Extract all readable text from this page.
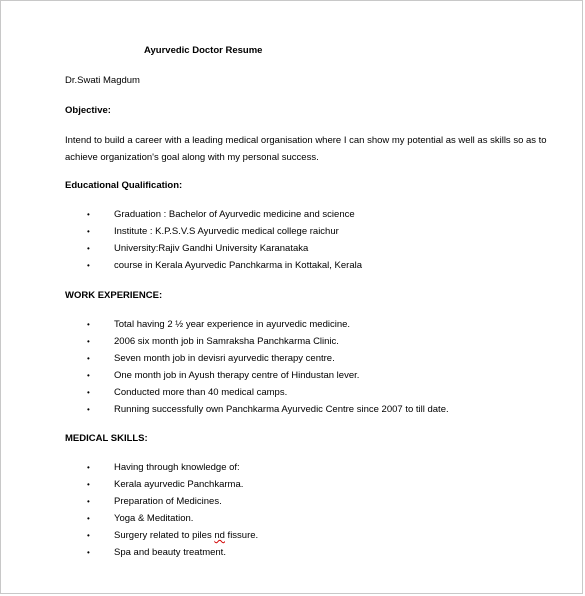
Ayurvedic Doctor Resume
Dr.Swati Magdum
Objective:
Intend to build a career with a leading medical organisation where I can show my potential as well as skills so as to achieve organization's goal along with my personal success.
Educational Qualification:
•	Graduation : Bachelor of Ayurvedic medicine and science
•	Institute : K.P.S.V.S Ayurvedic medical college raichur
•	University:Rajiv Gandhi University Karanataka
•	course in Kerala Ayurvedic Panchkarma in Kottakal, Kerala
WORK EXPERIENCE:
•	Total having 2 ½ year experience in ayurvedic medicine.
•	2006 six month job in Samraksha Panchkarma Clinic.
•	Seven month job in devisri ayurvedic therapy centre.
•	One month job in Ayush therapy centre of Hindustan lever.
•	Conducted more than 40 medical camps.
•	Running successfully own Panchkarma Ayurvedic Centre since 2007 to till date.
MEDICAL SKILLS:
•	Having through knowledge of:
•	Kerala ayurvedic Panchkarma.
•	Preparation of Medicines.
•	Yoga & Meditation.
•	Surgery related to piles nd fissure.
•	Spa and beauty treatment.
